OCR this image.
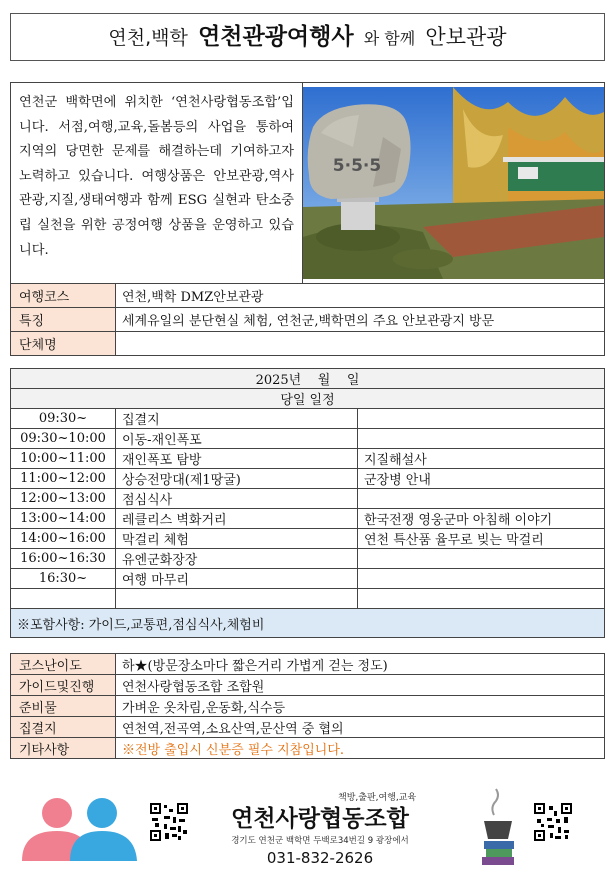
연천,백학 연천관광여행사 와 함께 안보관광
연천군 백학면에 위치한 ‘연천사랑협동조합’입니다. 서점,여행,교육,돌봄등의 사업을 통하여 지역의 당면한 문제를 해결하는데 기여하고자 노력하고 있습니다. 여행상품은 안보관광,역사관광,지질,생태여행과 함께 ESG 실현과 탄소중립 실천을 위한 공정여행 상품을 운영하고 있습니다.		5·5·5

여행코스	연천,백학 DMZ안보관광	
특징	세계유일의 분단현실 체험, 연천군,백학면의 주요 안보관광지 방문	
단체명		
2025년    월    일		
당일 일정		
09:30~	집결지	
09:30~10:00	이동-재인폭포	
10:00~11:00	재인폭포 탐방	지질해설사
11:00~12:00	상승전망대(제1땅굴)	군장병 안내
12:00~13:00	점심식사	
13:00~14:00	레클리스 벽화거리	한국전쟁 영웅군마 아침해 이야기
14:00~16:00	막걸리 체험	연천 특산품 율무로 빚는 막걸리
16:00~16:30	유엔군화장장	
16:30~	여행 마무리	

※포함사항: 가이드,교통편,점심식사,체험비		
코스난이도	하★(방문장소마다 짧은거리 가볍게 걷는 정도)
가이드및진행	연천사랑협동조합 조합원
준비물	가벼운 옷차림,운동화,식수등
집결지	연천역,전곡역,소요산역,문산역 중 협의
기타사항	※전방 출입시 신분증 필수 지참입니다.
책방,출판,여행,교육
연천사랑협동조합
경기도 연천군 백학면 두백로34번길 9 광장에서
031-832-2626
